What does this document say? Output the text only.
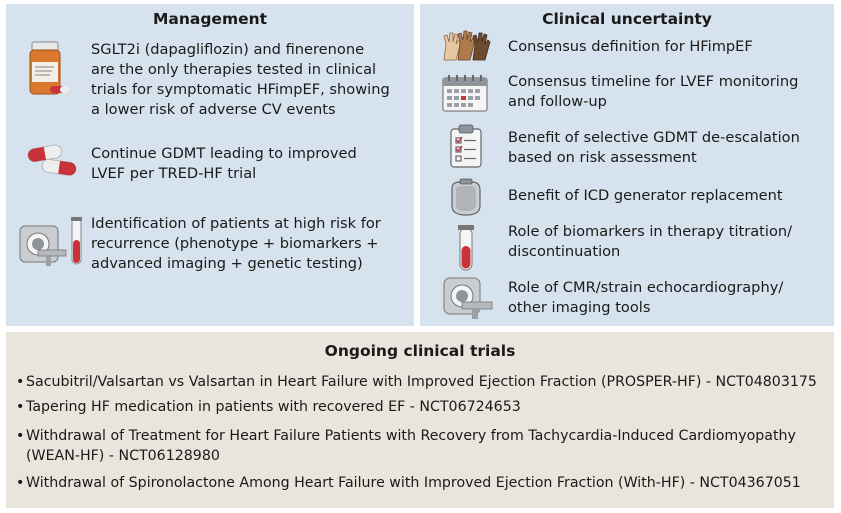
Management
SGLT2i (dapagliflozin) and finerenone
are the only therapies tested in clinical
trials for symptomatic HFimpEF, showing
a lower risk of adverse CV events
Continue GDMT leading to improved
LVEF per TRED-HF trial
Identification of patients at high risk for
recurrence (phenotype + biomarkers +
advanced imaging + genetic testing)
Clinical uncertainty
Consensus definition for HFimpEF
Consensus timeline for LVEF monitoring
and follow-up
Benefit of selective GDMT de-escalation
based on risk assessment
Benefit of ICD generator replacement
Role of biomarkers in therapy titration/
discontinuation
Role of CMR/strain echocardiography/
other imaging tools
Ongoing clinical trials
• Sacubitril/Valsartan vs Valsartan in Heart Failure with Improved Ejection Fraction (PROSPER-HF) - NCT04803175
• Tapering HF medication in patients with recovered EF - NCT06724653
• Withdrawal of Treatment for Heart Failure Patients with Recovery from Tachycardia-Induced Cardiomyopathy
(WEAN-HF) - NCT06128980
• Withdrawal of Spironolactone Among Heart Failure with Improved Ejection Fraction (With-HF) - NCT04367051
